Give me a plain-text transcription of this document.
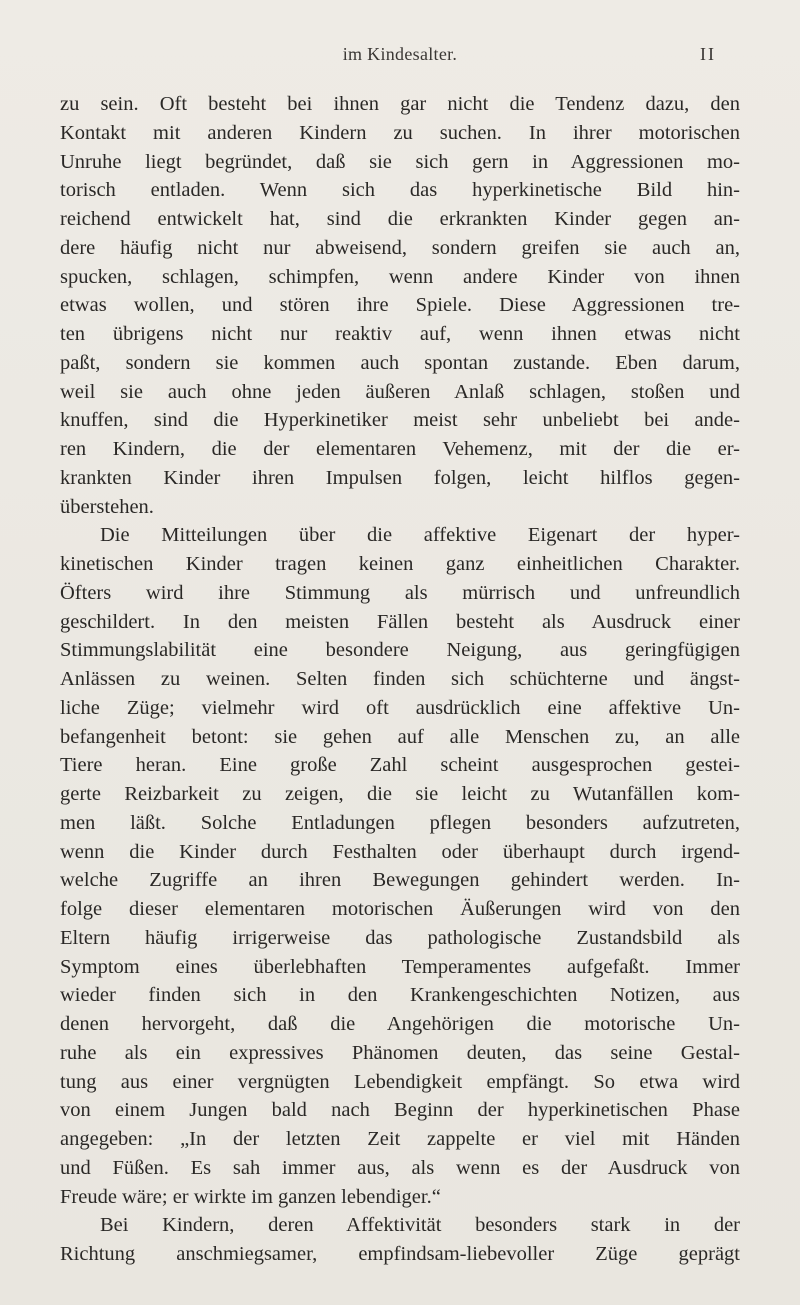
im Kindesalter.	II
zu sein. Oft besteht bei ihnen gar nicht die Tendenz dazu, den
Kontakt mit anderen Kindern zu suchen. In ihrer motorischen
Unruhe liegt begründet, daß sie sich gern in Aggressionen mo-
torisch entladen. Wenn sich das hyperkinetische Bild hin-
reichend entwickelt hat, sind die erkrankten Kinder gegen an-
dere häufig nicht nur abweisend, sondern greifen sie auch an,
spucken, schlagen, schimpfen, wenn andere Kinder von ihnen
etwas wollen, und stören ihre Spiele. Diese Aggressionen tre-
ten übrigens nicht nur reaktiv auf, wenn ihnen etwas nicht
paßt, sondern sie kommen auch spontan zustande. Eben darum,
weil sie auch ohne jeden äußeren Anlaß schlagen, stoßen und
knuffen, sind die Hyperkinetiker meist sehr unbeliebt bei ande-
ren Kindern, die der elementaren Vehemenz, mit der die er-
krankten Kinder ihren Impulsen folgen, leicht hilflos gegen-
überstehen.
Die Mitteilungen über die affektive Eigenart der hyper-
kinetischen Kinder tragen keinen ganz einheitlichen Charakter.
Öfters wird ihre Stimmung als mürrisch und unfreundlich
geschildert. In den meisten Fällen besteht als Ausdruck einer
Stimmungslabilität eine besondere Neigung, aus geringfügigen
Anlässen zu weinen. Selten finden sich schüchterne und ängst-
liche Züge; vielmehr wird oft ausdrücklich eine affektive Un-
befangenheit betont: sie gehen auf alle Menschen zu, an alle
Tiere heran. Eine große Zahl scheint ausgesprochen gestei-
gerte Reizbarkeit zu zeigen, die sie leicht zu Wutanfällen kom-
men läßt. Solche Entladungen pflegen besonders aufzutreten,
wenn die Kinder durch Festhalten oder überhaupt durch irgend-
welche Zugriffe an ihren Bewegungen gehindert werden. In-
folge dieser elementaren motorischen Äußerungen wird von den
Eltern häufig irrigerweise das pathologische Zustandsbild als
Symptom eines überlebhaften Temperamentes aufgefaßt. Immer
wieder finden sich in den Krankengeschichten Notizen, aus
denen hervorgeht, daß die Angehörigen die motorische Un-
ruhe als ein expressives Phänomen deuten, das seine Gestal-
tung aus einer vergnügten Lebendigkeit empfängt. So etwa wird
von einem Jungen bald nach Beginn der hyperkinetischen Phase
angegeben: „In der letzten Zeit zappelte er viel mit Händen
und Füßen. Es sah immer aus, als wenn es der Ausdruck von
Freude wäre; er wirkte im ganzen lebendiger.“
Bei Kindern, deren Affektivität besonders stark in der
Richtung anschmiegsamer, empfindsam-liebevoller Züge geprägt
